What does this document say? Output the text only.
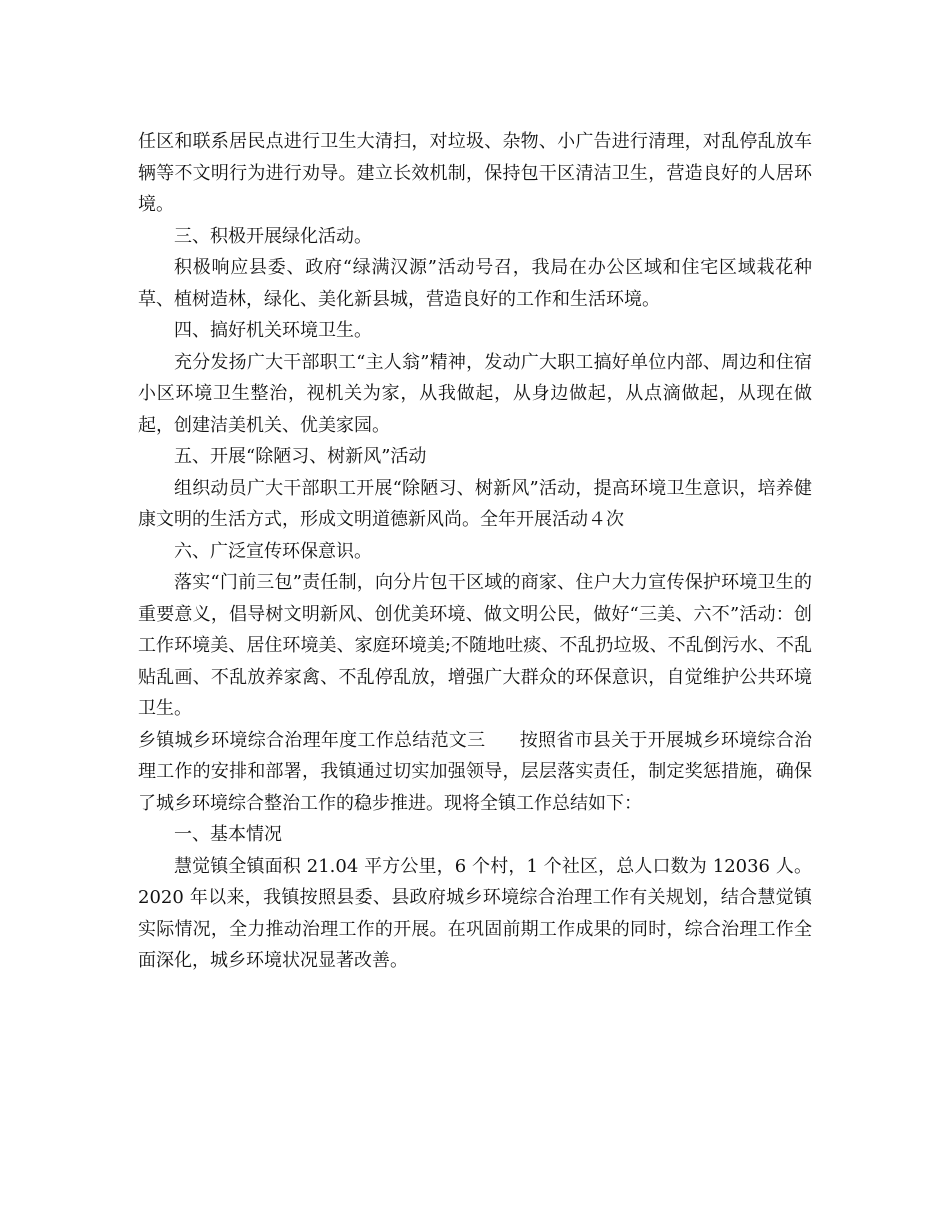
任区和联系居民点进行卫生大清扫，对垃圾、杂物、小广告进行清理，对乱停乱放车辆等不文明行为进行劝导。建立长效机制，保持包干区清洁卫生，营造良好的人居环境。

三、积极开展绿化活动。

积极响应县委、政府“绿满汉源”活动号召，我局在办公区域和住宅区域栽花种草、植树造林，绿化、美化新县城，营造良好的工作和生活环境。

四、搞好机关环境卫生。

充分发扬广大干部职工“主人翁”精神，发动广大职工搞好单位内部、周边和住宿小区环境卫生整治，视机关为家，从我做起，从身边做起，从点滴做起，从现在做起，创建洁美机关、优美家园。

五、开展“除陋习、树新风”活动

组织动员广大干部职工开展“除陋习、树新风”活动，提高环境卫生意识，培养健康文明的生活方式，形成文明道德新风尚。全年开展活动４次

六、广泛宣传环保意识。

落实“门前三包”责任制，向分片包干区域的商家、住户大力宣传保护环境卫生的重要意义，倡导树文明新风、创优美环境、做文明公民，做好“三美、六不”活动：创工作环境美、居住环境美、家庭环境美;不随地吐痰、不乱扔垃圾、不乱倒污水、不乱贴乱画、不乱放养家禽、不乱停乱放，增强广大群众的环保意识，自觉维护公共环境卫生。

乡镇城乡环境综合治理年度工作总结范文三 按照省市县关于开展城乡环境综合治理工作的安排和部署，我镇通过切实加强领导，层层落实责任，制定奖惩措施，确保了城乡环境综合整治工作的稳步推进。现将全镇工作总结如下：

一、基本情况

慧觉镇全镇面积 21.04 平方公里，6 个村，1 个社区，总人口数为 12036 人。2020 年以来，我镇按照县委、县政府城乡环境综合治理工作有关规划，结合慧觉镇实际情况，全力推动治理工作的开展。在巩固前期工作成果的同时，综合治理工作全面深化，城乡环境状况显著改善。
